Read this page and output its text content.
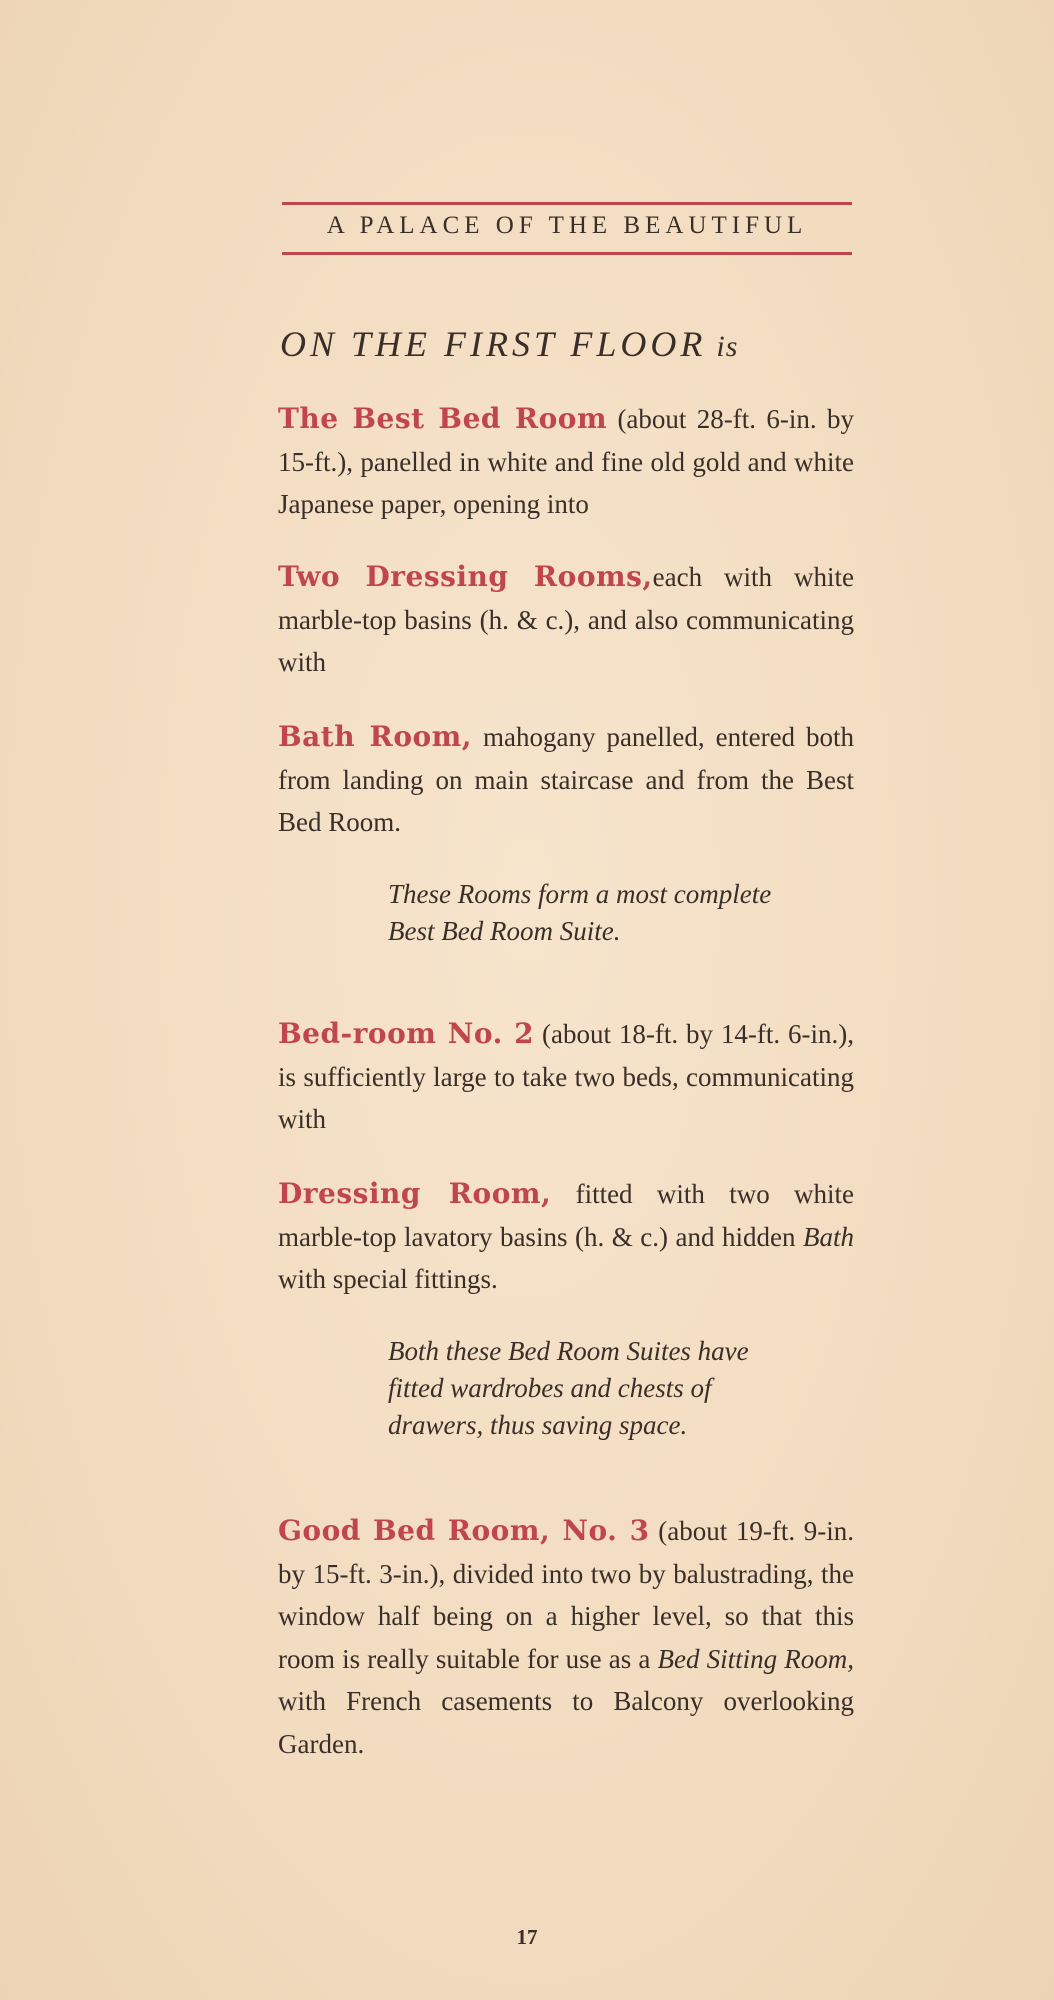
A PALACE OF THE BEAUTIFUL
ON THE FIRST FLOOR is
The Best Bed Room (about 28-ft. 6-in. by 15-ft.), panelled in white and fine old gold and white Japanese paper, opening into
Two Dressing Rooms,each with white marble-top basins (h. & c.), and also communicating with
Bath Room, mahogany panelled, entered both from landing on main staircase and from the Best Bed Room.
These Rooms form a most complete
Best Bed Room Suite.
Bed-room No. 2 (about 18-ft. by 14-ft. 6-in.), is sufficiently large to take two beds, communicating with
Dressing Room, fitted with two white marble-top lavatory basins (h. & c.) and hidden Bath with special fittings.
Both these Bed Room Suites have
fitted wardrobes and chests of
drawers, thus saving space.
Good Bed Room, No. 3 (about 19-ft. 9-in. by 15-ft. 3-in.), divided into two by balustrading, the window half being on a higher level, so that this room is really suitable for use as a Bed Sitting Room, with French casements to Balcony overlooking Garden.
17
